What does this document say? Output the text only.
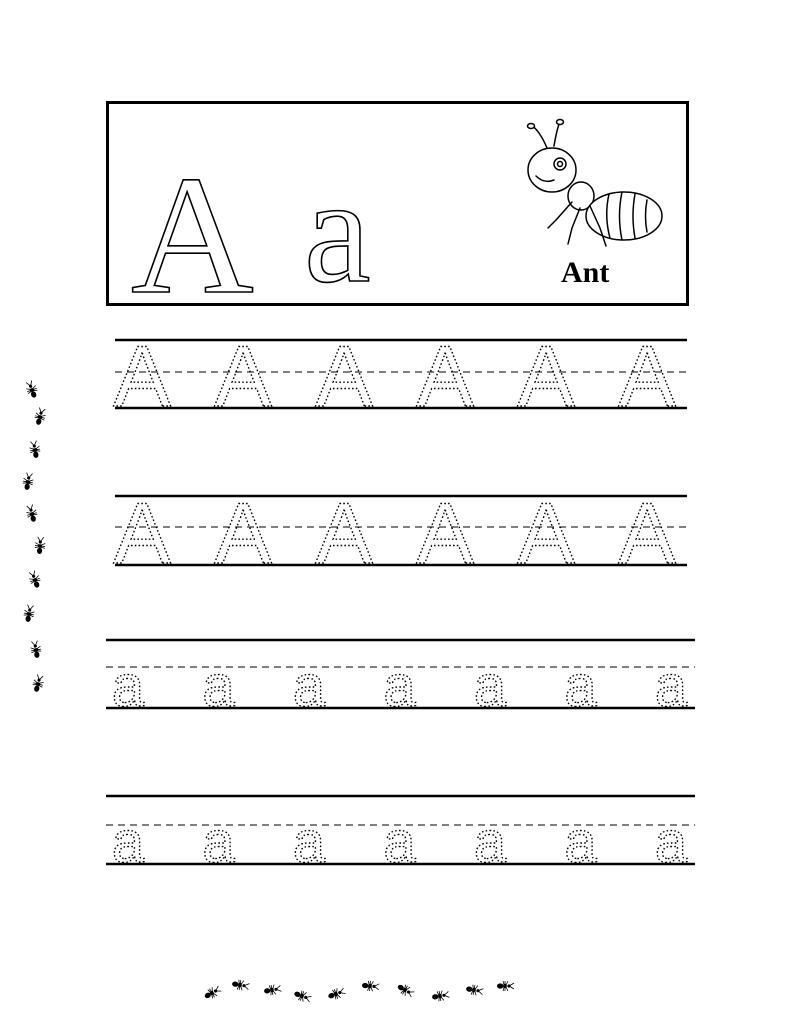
A a	Ant
A A A A A A
A A A A A A
a a a a a a a
a a a a a a a
